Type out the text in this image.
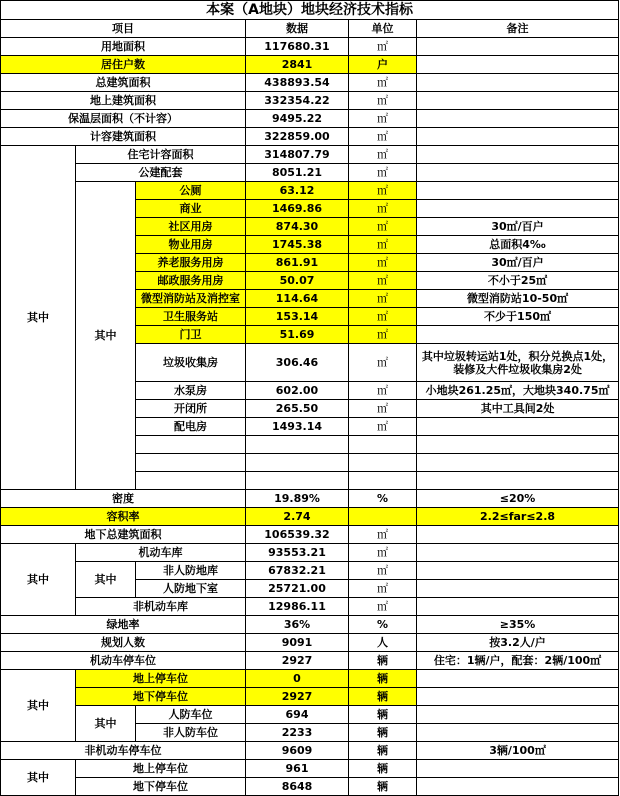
本案（A地块）地块经济技术指标					
项目			数据	单位	备注
用地面积			117680.31	㎡	
居住户数			2841	户	
总建筑面积			438893.54	㎡	
地上建筑面积			332354.22	㎡	
保温层面积（不计容）			9495.22	㎡	
计容建筑面积			322859.00	㎡	
其中	住宅计容面积		314807.79	㎡	
	公建配套		8051.21	㎡	
	其中	公厕	63.12	㎡	
		商业	1469.86	㎡	
		社区用房	874.30	㎡	30㎡/百户
		物业用房	1745.38	㎡	总面积4‰
		养老服务用房	861.91	㎡	30㎡/百户
		邮政服务用房	50.07	㎡	不小于25㎡
		微型消防站及消控室	114.64	㎡	微型消防站10-50㎡
		卫生服务站	153.14	㎡	不少于150㎡
		门卫	51.69	㎡	
		垃圾收集房	306.46	㎡	其中垃圾转运站1处，积分兑换点1处，装修及大件垃圾收集房2处
		水泵房	602.00	㎡	小地块261.25㎡，大地块340.75㎡
		开闭所	265.50	㎡	其中工具间2处
		配电房	1493.14	㎡	

密度			19.89%	%	≤20%
容积率			2.74		2.2≤far≤2.8
地下总建筑面积			106539.32	㎡	
其中	机动车库		93553.21	㎡	
	其中	非人防地库	67832.21	㎡	
		人防地下室	25721.00	㎡	
	非机动车库		12986.11	㎡	
绿地率			36%	%	≥35%
规划人数			9091	人	按3.2人/户
机动车停车位			2927	辆	住宅：1辆/户，配套：2辆/100㎡
其中	地上停车位		0	辆	
	地下停车位		2927	辆	
	其中	人防车位	694	辆	
		非人防车位	2233	辆	
非机动车停车位			9609	辆	3辆/100㎡
其中	地上停车位		961	辆	
	地下停车位		8648	辆	
